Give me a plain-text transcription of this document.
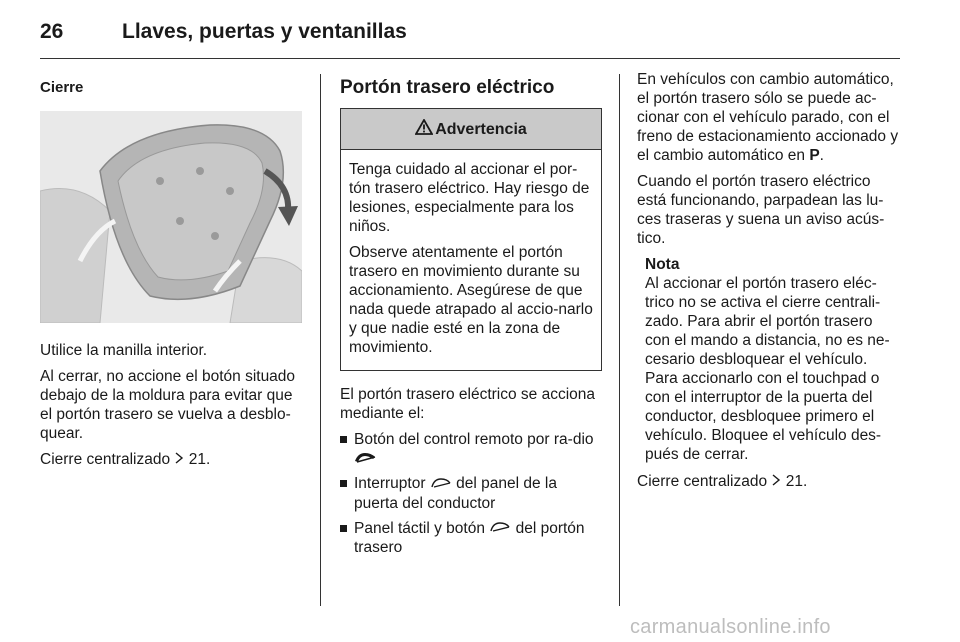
26	Llaves, puertas y ventanillas
Cierre

Utilice la manilla interior.

Al cerrar, no accione el botón situado debajo de la moldura para evitar que el portón trasero se vuelva a desblo-quear.

Cierre centralizado 21.

Portón trasero eléctrico
Advertencia

Tenga cuidado al accionar el por-tón trasero eléctrico. Hay riesgo de lesiones, especialmente para los niños.

Observe atentamente el portón trasero en movimiento durante su accionamiento. Asegúrese de que nada quede atrapado al accio-narlo y que nadie esté en la zona de movimiento.

El portón trasero eléctrico se acciona mediante el:

Botón del control remoto por ra-dio
Interruptor del panel de la puerta del conductor
Panel táctil y botón del portón trasero

En vehículos con cambio automático, el portón trasero sólo se puede ac-cionar con el vehículo parado, con el freno de estacionamiento accionado y el cambio automático en P.

Cuando el portón trasero eléctrico está funcionando, parpadean las lu-ces traseras y suena un aviso acús-tico.

Nota
Al accionar el portón trasero eléc-trico no se activa el cierre centrali-zado. Para abrir el portón trasero con el mando a distancia, no es ne-cesario desbloquear el vehículo. Para accionarlo con el touchpad o con el interruptor de la puerta del conductor, desbloquee primero el vehículo. Bloquee el vehículo des-pués de cerrar.

Cierre centralizado 21.

carmanualsonline.info
